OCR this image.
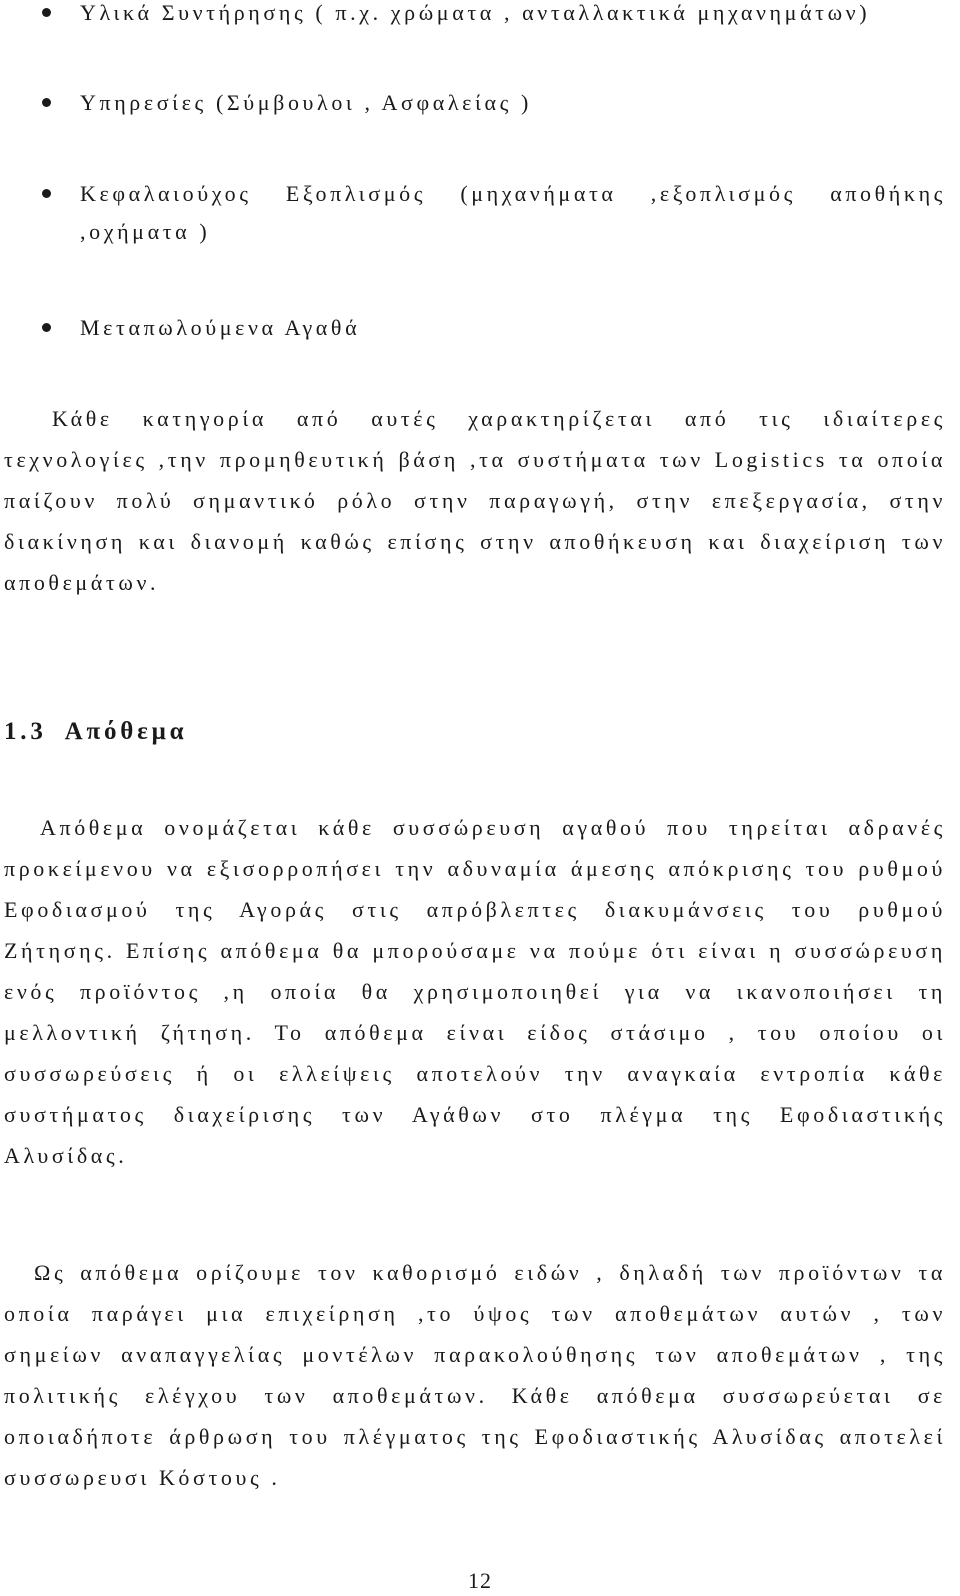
Υλικά Συντήρησης ( π.χ. χρώματα , ανταλλακτικά μηχανημάτων)
Υπηρεσίες (Σύμβουλοι , Ασφαλείας )
Κεφαλαιούχος Εξοπλισμός (μηχανήματα ,εξοπλισμός αποθήκης ,οχήματα )
Μεταπωλούμενα Αγαθά

Κάθε κατηγορία από αυτές χαρακτηρίζεται από τις ιδιαίτερες τεχνολογίες ,την προμηθευτική βάση ,τα συστήματα των Logistics τα οποία παίζουν πολύ σημαντικό ρόλο στην παραγωγή, στην επεξεργασία, στην διακίνηση και διανομή καθώς επίσης στην αποθήκευση και διαχείριση των αποθεμάτων.

1.3 Απόθεμα

Απόθεμα ονομάζεται κάθε συσσώρευση αγαθού που τηρείται αδρανές προκείμενου να εξισορροπήσει την αδυναμία άμεσης απόκρισης του ρυθμού Εφοδιασμού της Αγοράς στις απρόβλεπτες διακυμάνσεις του ρυθμού Ζήτησης. Επίσης απόθεμα θα μπορούσαμε να πούμε ότι είναι η συσσώρευση ενός προϊόντος ,η οποία θα χρησιμοποιηθεί για να ικανοποιήσει τη μελλοντική ζήτηση. Το απόθεμα είναι είδος στάσιμο , του οποίου οι συσσωρεύσεις ή οι ελλείψεις αποτελούν την αναγκαία εντροπία κάθε συστήματος διαχείρισης των Αγάθων στο πλέγμα της Εφοδιαστικής Αλυσίδας.

Ως απόθεμα ορίζουμε τον καθορισμό ειδών , δηλαδή των προϊόντων τα οποία παράγει μια επιχείρηση ,το ύψος των αποθεμάτων αυτών , των σημείων αναπαγγελίας μοντέλων παρακολούθησης των αποθεμάτων , της πολιτικής ελέγχου των αποθεμάτων. Κάθε απόθεμα συσσωρεύεται σε οποιαδήποτε άρθρωση του πλέγματος της Εφοδιαστικής Αλυσίδας αποτελεί συσσωρευσι Κόστους .

12
